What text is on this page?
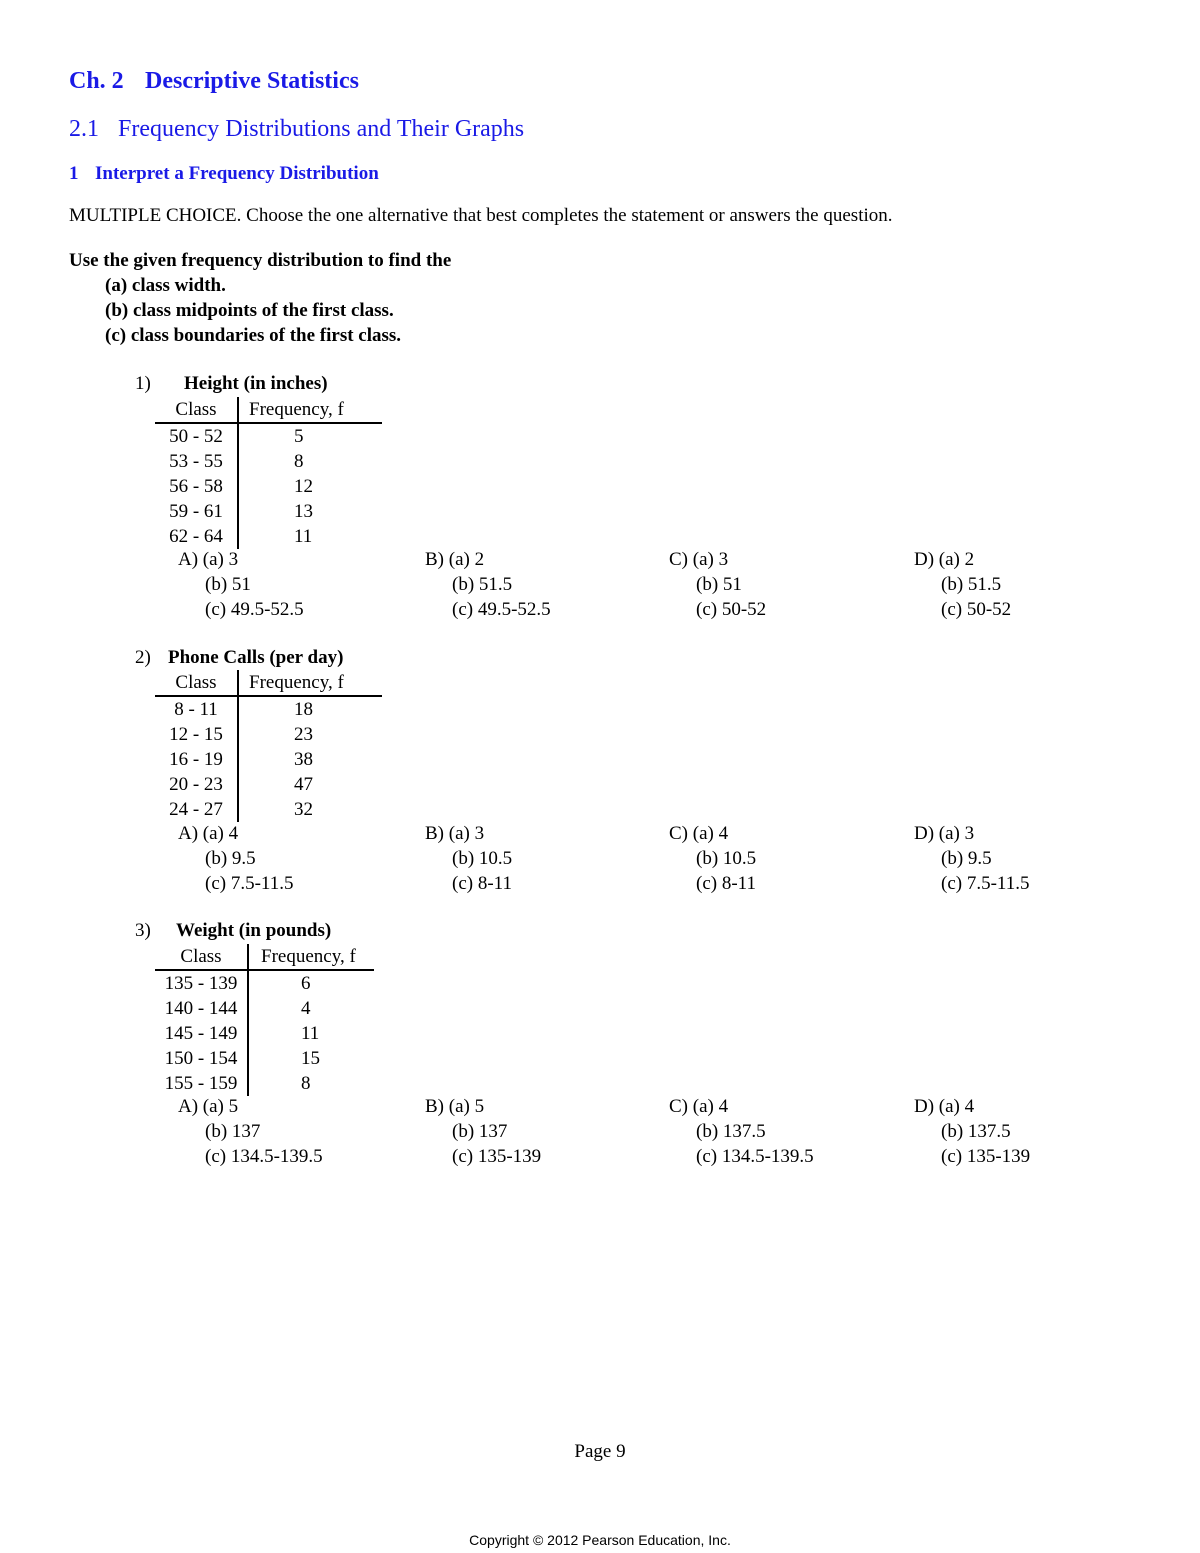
Ch. 2 Descriptive Statistics
2.1 Frequency Distributions and Their Graphs
1 Interpret a Frequency Distribution
MULTIPLE CHOICE. Choose the one alternative that best completes the statement or answers the question.
Use the given frequency distribution to find the
(a) class width.
(b) class midpoints of the first class.
(c) class boundaries of the first class.
1) Height (in inches)
Class	Frequency, f
50 - 52	5
53 - 55	8
56 - 58	12
59 - 61	13
62 - 64	11
A) (a) 3
(b) 51
(c) 49.5-52.5
B) (a) 2
(b) 51.5
(c) 49.5-52.5
C) (a) 3
(b) 51
(c) 50-52
D) (a) 2
(b) 51.5
(c) 50-52
2) Phone Calls (per day)
Class	Frequency, f
8 - 11	18
12 - 15	23
16 - 19	38
20 - 23	47
24 - 27	32
A) (a) 4
(b) 9.5
(c) 7.5-11.5
B) (a) 3
(b) 10.5
(c) 8-11
C) (a) 4
(b) 10.5
(c) 8-11
D) (a) 3
(b) 9.5
(c) 7.5-11.5
3) Weight (in pounds)
Class	Frequency, f
135 - 139	6
140 - 144	4
145 - 149	11
150 - 154	15
155 - 159	8
A) (a) 5
(b) 137
(c) 134.5-139.5
B) (a) 5
(b) 137
(c) 135-139
C) (a) 4
(b) 137.5
(c) 134.5-139.5
D) (a) 4
(b) 137.5
(c) 135-139
Page 9
Copyright © 2012 Pearson Education, Inc.
